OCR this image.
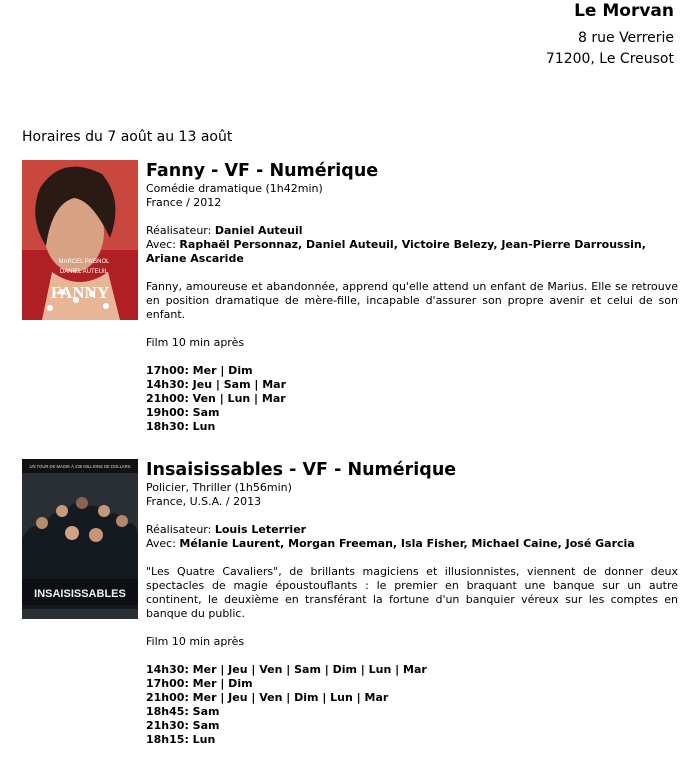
Le Morvan
8 rue Verrerie
71200, Le Creusot
Horaires du 7 août au 13 août
MARCEL PAGNOL
DANIEL AUTEUIL
FANNY
Fanny - VF - Numérique
Comédie dramatique (1h42min)
France / 2012
Réalisateur: Daniel Auteuil
Avec: Raphaël Personnaz, Daniel Auteuil, Victoire Belezy, Jean-Pierre Darroussin, Ariane Ascaride
Fanny, amoureuse et abandonnée, apprend qu'elle attend un enfant de Marius. Elle se retrouve en position dramatique de mère-fille, incapable d'assurer son propre avenir et celui de son enfant.
Film 10 min après
17h00: Mer | Dim
14h30: Jeu | Sam | Mar
21h00: Ven | Lun | Mar
19h00: Sam
18h30: Lun
UN TOUR DE MAGIE À 235 MILLIONS DE DOLLARS
INSAISISSABLES
Insaisissables - VF - Numérique
Policier, Thriller (1h56min)
France, U.S.A. / 2013
Réalisateur: Louis Leterrier
Avec: Mélanie Laurent, Morgan Freeman, Isla Fisher, Michael Caine, José Garcia
"Les Quatre Cavaliers", de brillants magiciens et illusionnistes, viennent de donner deux spectacles de magie époustouflants : le premier en braquant une banque sur un autre continent, le deuxième en transférant la fortune d'un banquier véreux sur les comptes en banque du public.
Film 10 min après
14h30: Mer | Jeu | Ven | Sam | Dim | Lun | Mar
17h00: Mer | Dim
21h00: Mer | Jeu | Ven | Dim | Lun | Mar
18h45: Sam
21h30: Sam
18h15: Lun
